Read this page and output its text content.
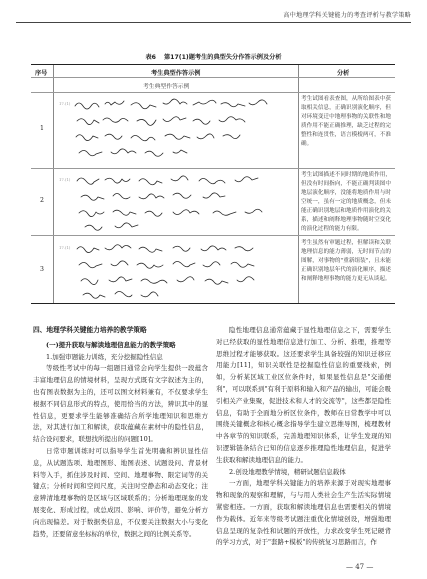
高中地理学科关键能力的考查评析与教学策略
表6 第17(1)题考生的典型失分作答示例及分析
序号	考生典型作答示例	分析
考生典型作答示例
1
17.(1)
考生试图看表查图，从所给图表中获取相关信息，正确识别演化顺序，但对环境变迁中地理事物的关联性和地质作用不能正确推理，缺乏过程的完整性和连贯性，语言模棱两可，不准确。
2
17.(1)
考生试图描述不同时期的地质作用，但没有时间指向，不能正确判读图中地层演化顺序，没能将地质作用与时空统一，虽有一定的地质概念，但未能正确识别地层和地质作用演化的关系，描述和阐释地理事物随时空变化的演化过程的能力有限。
3
17.(1)
考生虽然有审题过程，但解读和关联地理信息的能力薄弱，无时间节点的图解，对事物的"重新组装"，且未能正确识别地层年代的演化顺序，描述和阐释地理事物的能力更无从谈起。

四、地理学科关键能力培养的教学策略

(一)提升获取与解读地理信息能力的教学策略

1.加强审题能力训练，充分挖掘隐性信息

等级性考试中的每一组题目通常会向学生提供一段蕴含丰富地理信息的情境材料，呈现方式既有文字叙述为主的，也有图表数据为主的，还可以图文材料兼有，不仅要求学生根据不同信息形式的特点，使用恰当的方法，辨识其中的显性信息，更要求学生能够准确结合所学地理知识和思维方法，对其进行加工和解读，获取蕴藏在素材中的隐性信息，结合设问要求，联想找所提出的问题[10]。

日常审题训练时可以指导学生首先明确和辨识显性信息，从试题选项、地理图形、地图表述、试题设问、背景材料等入手，抓住涉及时间、空间、地理事物、限定词等的关键点；分析时间和空间尺度，关注时空静态和动态变化；注意辨清地理事物的是区域与区域联系的；分析地理现象的发展变化、形成过程，或总成因、影响、评价等，避免分析方向出现偏差。对于数据类信息，不仅要关注数据大小与变化趋势，还要留意坐标标的单位，数据之间的比例关系等。

隐性地理信息通常蕴藏于显性地理信息之下，需要学生对已经获取的显性地理信息进行加工、分析、推理，推理等思维过程才能够获取。这还要求学生具备较强的知识迁移应用能力[11]，知识关联性是挖掘隐性信息的重要线索，例如，分析某区域工业区位条件时，如果显性信息是"交通便利"，可以联系到"有利于原料和输入和产品的输出，可能会吸引相关产业集聚，促进技术和人才的交流等"，这些都是隐性信息，有助于全面地分析区位条件，教师在日常教学中可以围绕关键概念和核心概念指导学生建立思维导图，梳理教材中各章节的知识联系，完善地理知识体系，让学生发现的知识逻辑链条结合已知的信息逐步推理隐性地理信息，促进学生获取和解读地理信息的能力。

2.创设地理教学情境，精研试题信息载体

一方面，地理学科关键能力的培养来源于对现实地理事物和现象的观察和理解，与与用人类社会生产生活实际情境紧密相连。一方面，获取和解读地理信息也需要相关的情境作为载体。近年来等级考试题注重优化情境创设，增强地理信息呈现的复杂性和试题的开放性，力求改变学生死记硬背的学习方式，对于"套路+模板"的传统复习思路而言，作

— 47 —
